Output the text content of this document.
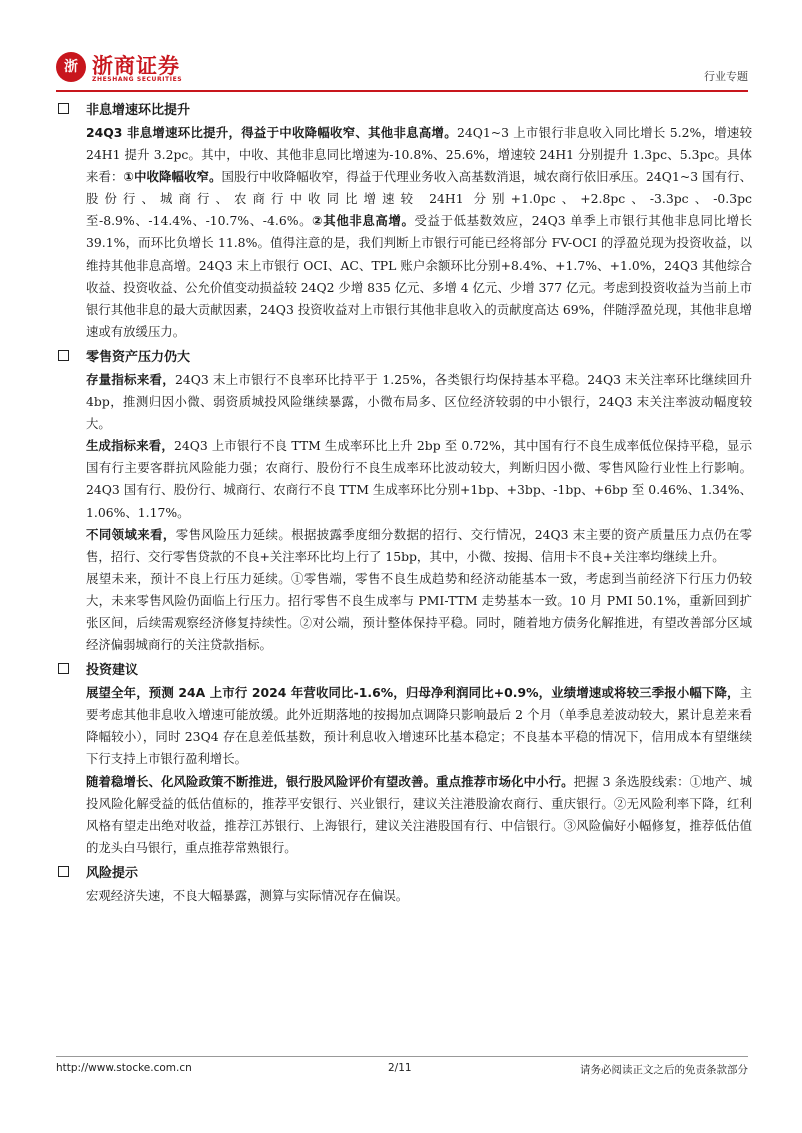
浙 浙商证券
ZHESHANG SECURITIES	行业专题
非息增速环比提升
24Q3 非息增速环比提升，得益于中收降幅收窄、其他非息高增。24Q1~3 上市银行非息收入同比增长 5.2%，增速较 24H1 提升 3.2pc。其中，中收、其他非息同比增速为-10.8%、25.6%，增速较 24H1 分别提升 1.3pc、5.3pc。具体来看：①中收降幅收窄。国股行中收降幅收窄，得益于代理业务收入高基数消退，城农商行依旧承压。24Q1~3 国有行、股份行、城商行、农商行中收同比增速较 24H1 分别+1.0pc、+2.8pc、-3.3pc、-0.3pc 至-8.9%、-14.4%、-10.7%、-4.6%。②其他非息高增。受益于低基数效应，24Q3 单季上市银行其他非息同比增长 39.1%，而环比负增长 11.8%。值得注意的是，我们判断上市银行可能已经将部分 FV-OCI 的浮盈兑现为投资收益，以维持其他非息高增。24Q3 末上市银行 OCI、AC、TPL 账户余额环比分别+8.4%、+1.7%、+1.0%，24Q3 其他综合收益、投资收益、公允价值变动损益较 24Q2 少增 835 亿元、多增 4 亿元、少增 377 亿元。考虑到投资收益为当前上市银行其他非息的最大贡献因素，24Q3 投资收益对上市银行其他非息收入的贡献度高达 69%，伴随浮盈兑现，其他非息增速或有放缓压力。
零售资产压力仍大
存量指标来看，24Q3 末上市银行不良率环比持平于 1.25%，各类银行均保持基本平稳。24Q3 末关注率环比继续回升 4bp，推测归因小微、弱资质城投风险继续暴露，小微布局多、区位经济较弱的中小银行，24Q3 末关注率波动幅度较大。
生成指标来看，24Q3 上市银行不良 TTM 生成率环比上升 2bp 至 0.72%，其中国有行不良生成率低位保持平稳，显示国有行主要客群抗风险能力强；农商行、股份行不良生成率环比波动较大，判断归因小微、零售风险行业性上行影响。24Q3 国有行、股份行、城商行、农商行不良 TTM 生成率环比分别+1bp、+3bp、-1bp、+6bp 至 0.46%、1.34%、1.06%、1.17%。
不同领域来看，零售风险压力延续。根据披露季度细分数据的招行、交行情况，24Q3 末主要的资产质量压力点仍在零售，招行、交行零售贷款的不良+关注率环比均上行了 15bp，其中，小微、按揭、信用卡不良+关注率均继续上升。
展望未来，预计不良上行压力延续。①零售端，零售不良生成趋势和经济动能基本一致，考虑到当前经济下行压力仍较大，未来零售风险仍面临上行压力。招行零售不良生成率与 PMI-TTM 走势基本一致。10 月 PMI 50.1%，重新回到扩张区间，后续需观察经济修复持续性。②对公端，预计整体保持平稳。同时，随着地方债务化解推进，有望改善部分区域经济偏弱城商行的关注贷款指标。
投资建议
展望全年，预测 24A 上市行 2024 年营收同比-1.6%，归母净利润同比+0.9%，业绩增速或将较三季报小幅下降，主要考虑其他非息收入增速可能放缓。此外近期落地的按揭加点调降只影响最后 2 个月（单季息差波动较大，累计息差来看降幅较小），同时 23Q4 存在息差低基数，预计利息收入增速环比基本稳定；不良基本平稳的情况下，信用成本有望继续下行支持上市银行盈利增长。
随着稳增长、化风险政策不断推进，银行股风险评价有望改善。重点推荐市场化中小行。把握 3 条选股线索：①地产、城投风险化解受益的低估值标的，推荐平安银行、兴业银行，建议关注港股渝农商行、重庆银行。②无风险利率下降，红利风格有望走出绝对收益，推荐江苏银行、上海银行，建议关注港股国有行、中信银行。③风险偏好小幅修复，推荐低估值的龙头白马银行，重点推荐常熟银行。
风险提示
宏观经济失速，不良大幅暴露，测算与实际情况存在偏误。
http://www.stocke.com.cn	2/11	请务必阅读正文之后的免责条款部分
